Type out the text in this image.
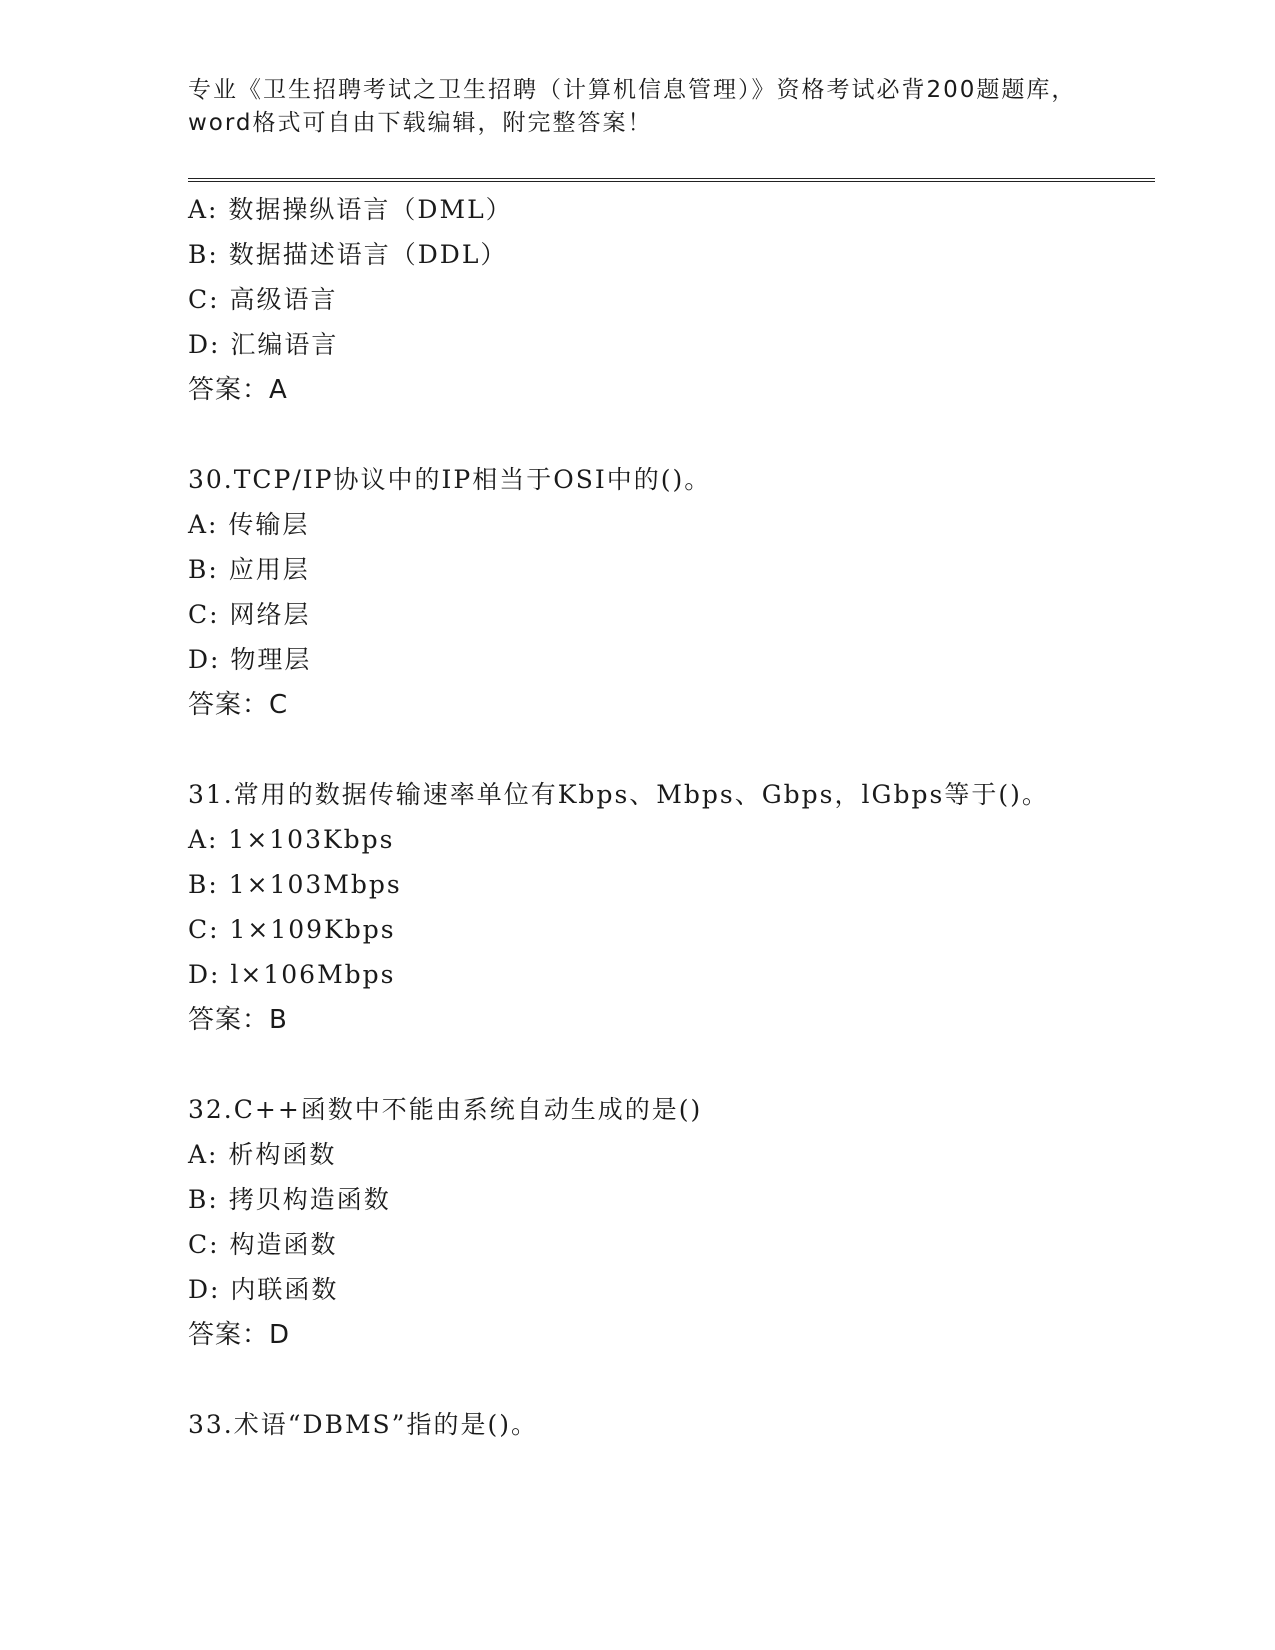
专业《卫生招聘考试之卫生招聘（计算机信息管理）》资格考试必背200题题库，
word格式可自由下载编辑，附完整答案！
A: 数据操纵语言（DML）
B: 数据描述语言（DDL）
C: 高级语言
D: 汇编语言
答案：A
30.TCP/IP协议中的IP相当于OSI中的()。
A: 传输层
B: 应用层
C: 网络层
D: 物理层
答案：C
31.常用的数据传输速率单位有Kbps、Mbps、Gbps，lGbps等于()。
A: 1×103Kbps
B: 1×103Mbps
C: 1×109Kbps
D: l×106Mbps
答案：B
32.C++函数中不能由系统自动生成的是()
A: 析构函数
B: 拷贝构造函数
C: 构造函数
D: 内联函数
答案：D
33.术语“DBMS”指的是()。
